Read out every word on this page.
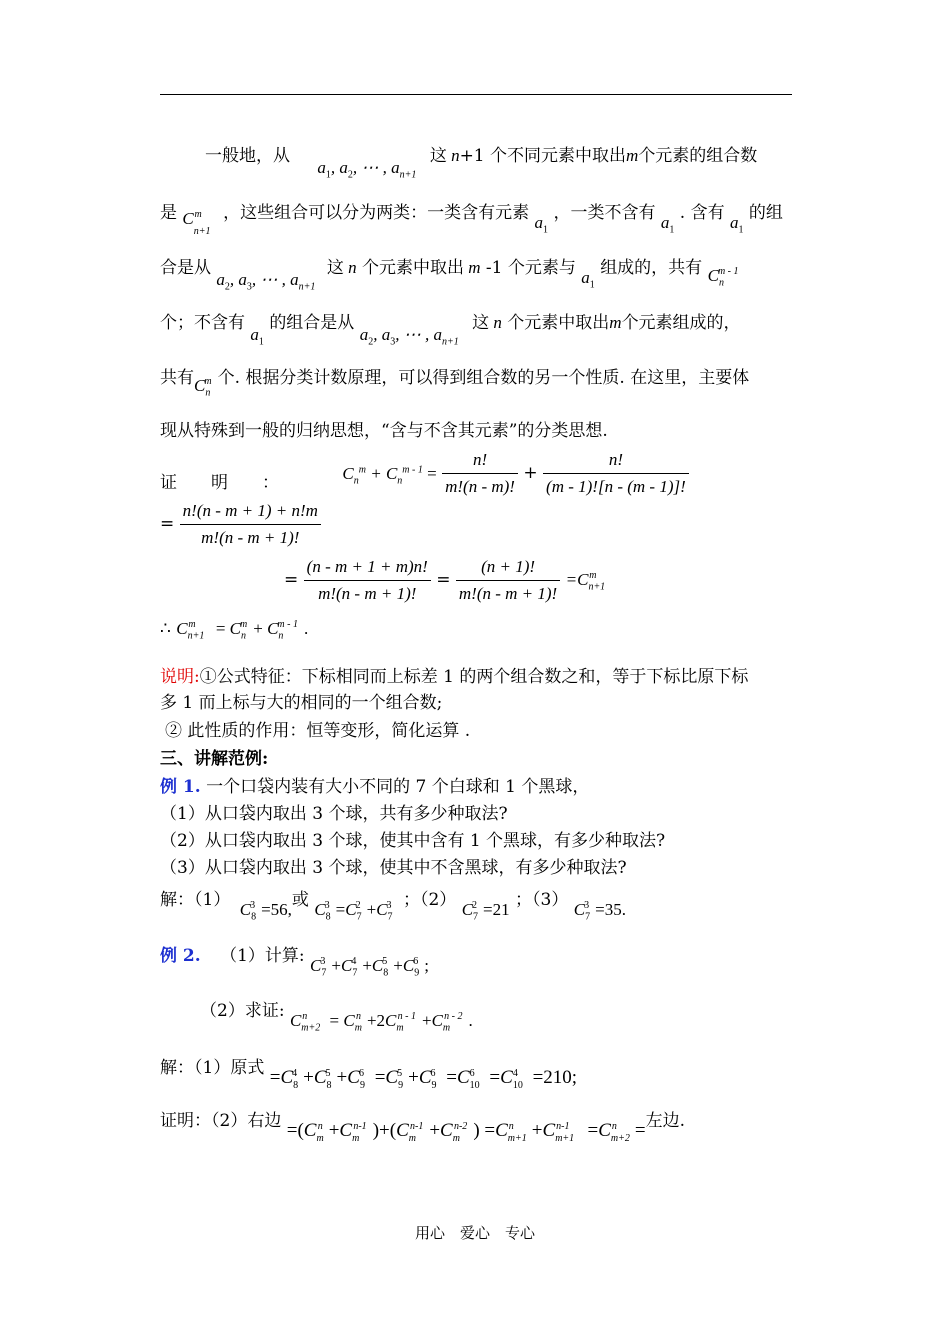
一般地，从 $a_1$, $a_2$, ⋯ , $a_{n+1}$ 这 n+1 个不同元素中取出m个元素的组合数
是 $C_{n+1}^m$ ，这些组合可以分为两类：一类含有元素 $a_1$ ，一类不含有 $a_1$ . 含有 $a_1$ 的组
合是从 $a_2$, $a_3$, ⋯ , $a_{n+1}$ 这 n 个元素中取出 m -1 个元素与 $a_1$ 组成的，共有 $C_n^{m - 1}$
个；不含有 $a_1$ 的组合是从 $a_2$, $a_3$, ⋯ , $a_{n+1}$ 这 n 个元素中取出m个元素组成的，
共有$C_n^m$ 个. 根据分类计数原理，可以得到组合数的另一个性质. 在这里，主要体
现从特殊到一般的归纳思想，“含与不含其元素”的分类思想.
证　　明　　：	$C_n^m + C_n^{m - 1} = \frac{n!}{m!(n - m)!} + \frac{n!}{(m - 1)![n - (m - 1)]!}$
= $\frac{n!(n - m + 1) + n!m}{m!(n - m + 1)!}$
= $\frac{(n - m + 1 + m)n!}{m!(n - m + 1)!} = \frac{(n + 1)!}{m!(n - m + 1)!} =C_{n+1}^m$
∴ $C_{n+1}^m = C_n^m + C_n^{m - 1}$ .
说明:①公式特征：下标相同而上标差 1 的两个组合数之和，等于下标比原下标
多 1 而上标与大的相同的一个组合数;
② 此性质的作用：恒等变形，简化运算 .
三、讲解范例:
例 1. 一个口袋内装有大小不同的 7 个白球和 1 个黑球，
（1）从口袋内取出 3 个球，共有多少种取法?
（2）从口袋内取出 3 个球，使其中含有 1 个黑球，有多少种取法?
（3）从口袋内取出 3 个球，使其中不含黑球，有多少种取法?
解：（1） $C_8^3 =56$,或 $C_8^3 =C_7^2 +C_7^3$ ；（2） $C_7^2 =21$ ；（3） $C_7^3 =35$.
例 2. （1）计算: $C_7^3 +C_7^4 +C_8^5 +C_9^6$ ;
（2）求证: $C_{m+2}^n = C_m^n +2C_m^{n - 1} +C_m^{n - 2}$ .
解：（1）原式 $=C_8^4 +C_8^5 +C_9^6 =C_9^5 +C_9^6 =C_{10}^6 =C_{10}^4 =210$;
证明：（2）右边 $=(C_m^n +C_m^{n-1}$ )$+(C_m^{n-1} +C_m^{n-2}$ ) $=C_{m+1}^n +C_{m+1}^{n-1} =C_{m+2}^n$ =左边.
用心　爱心　专心
